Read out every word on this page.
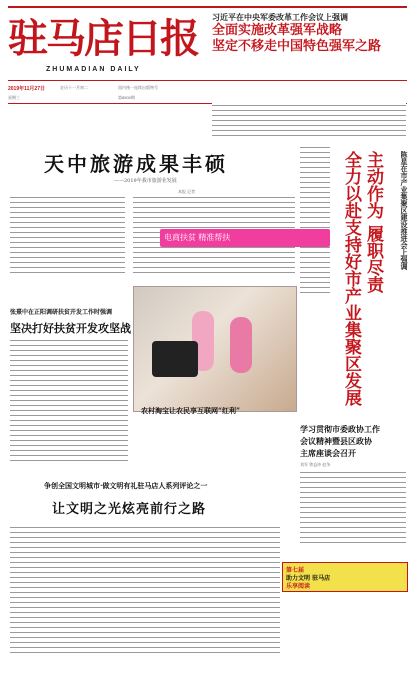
驻马店日报
ZHUMADIAN DAILY
习近平在中央军委改革工作会议上强调
全面实施改革强军战略
坚定不移走中国特色强军之路
2019年11月27日
星期三
农历十一月初二	国内统一连续出版物号
第8500期
天中旅游成果丰硕
——2019年我市旅游业发展
本报 记者	陈星在市产业集聚区建设推进会上强调
主动作为 履职尽责
全力以赴支持好市产业集聚区发展
电商扶贫 精准帮扶
农村淘宝让农民享互联网“红利”
张熹中在正阳调研扶贫开发工作时强调
坚决打好扶贫开发攻坚战
学习贯彻市委政协工作
会议精神暨县区政协
主席座谈会召开
刘军 曾益冲 赵争
争创全国文明城市·做文明有礼驻马店人系列评论之一
让文明之光炫亮前行之路
第七届
助力文明 驻马店
乐享阅读
